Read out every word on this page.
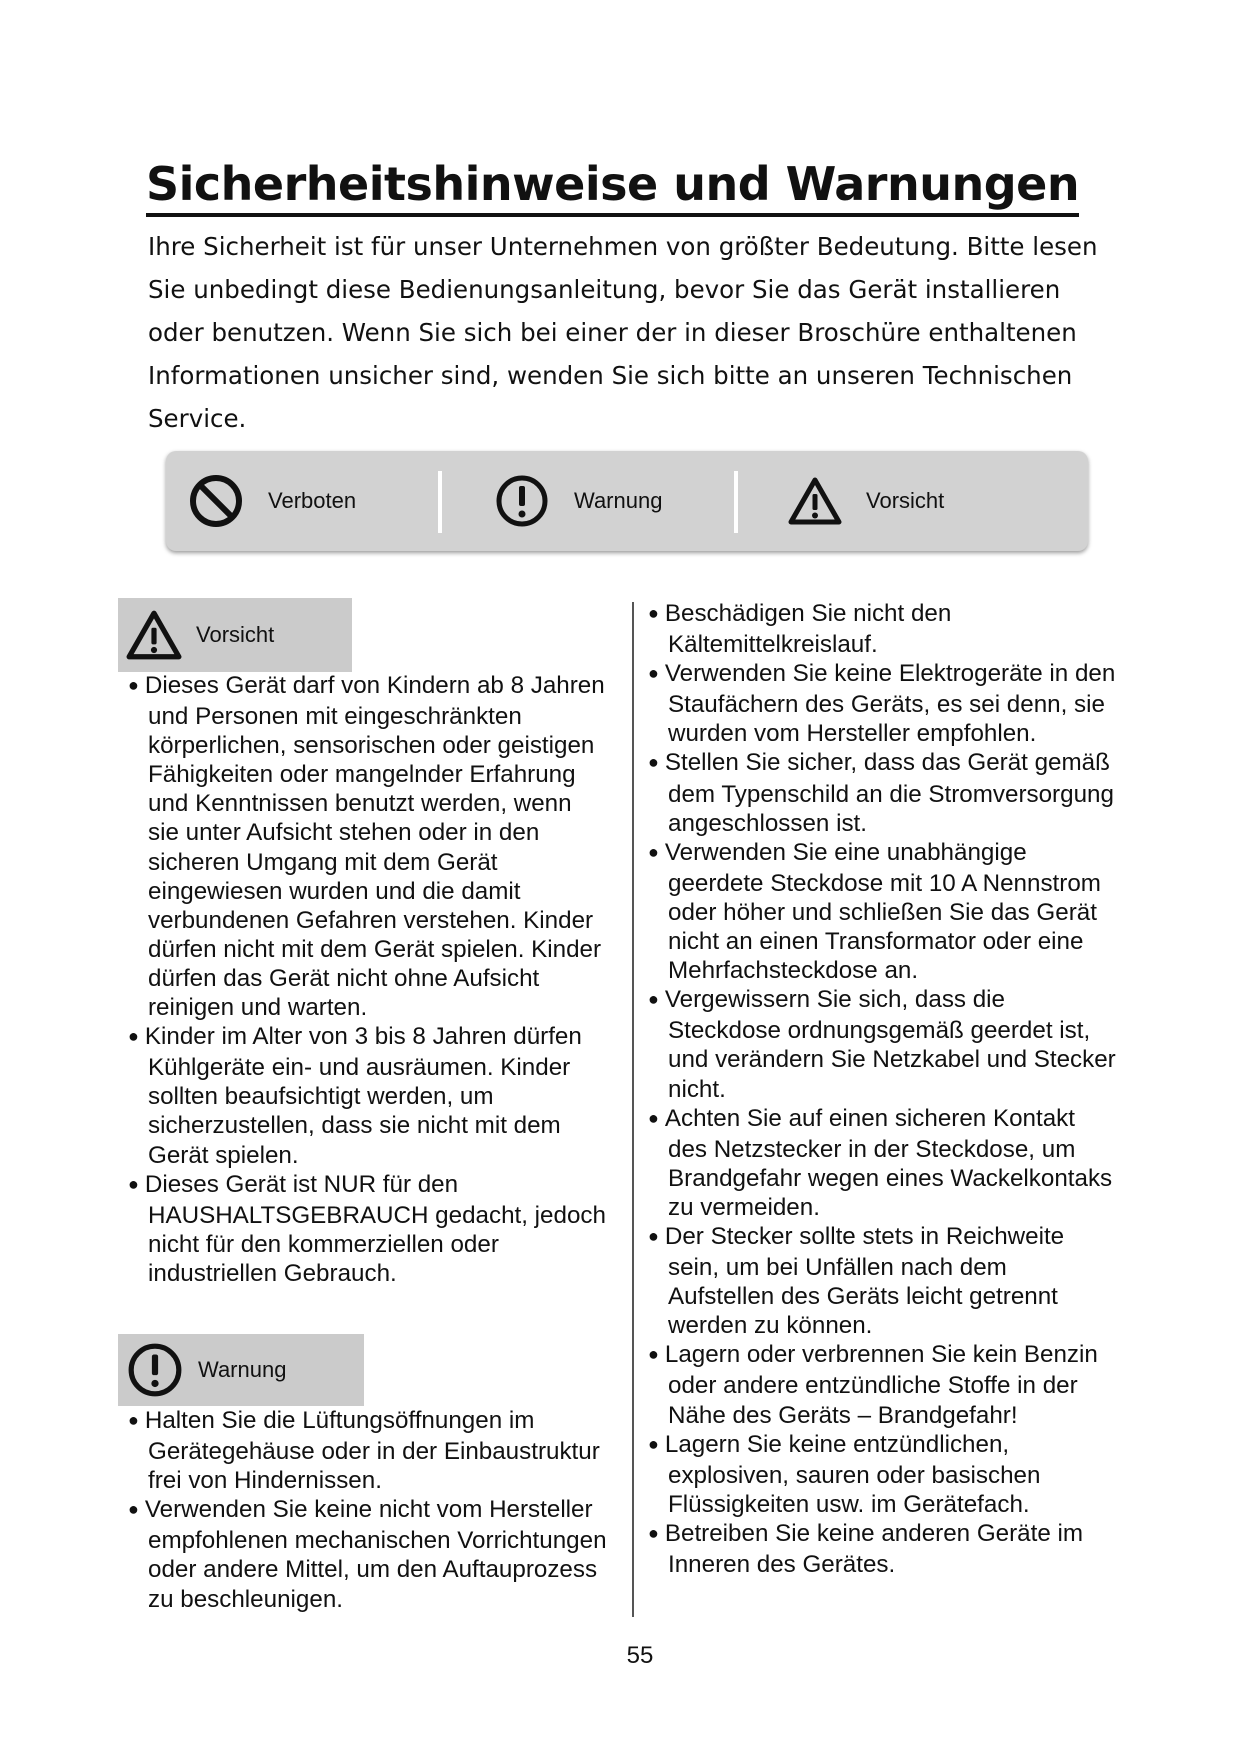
Sicherheitshinweise und Warnungen

Ihre Sicherheit ist für unser Unternehmen von größter Bedeutung. Bitte lesen Sie unbedingt diese Bedienungsanleitung, bevor Sie das Gerät installieren oder benutzen. Wenn Sie sich bei einer der in dieser Broschüre enthaltenen Informationen unsicher sind, wenden Sie sich bitte an unseren Technischen Service.

Verboten	Warnung	Vorsicht
Vorsicht
● Dieses Gerät darf von Kindern ab 8 Jahren und Personen mit eingeschränkten körperlichen, sensorischen oder geistigen Fähigkeiten oder mangelnder Erfahrung und Kenntnissen benutzt werden, wenn sie unter Aufsicht stehen oder in den sicheren Umgang mit dem Gerät eingewiesen wurden und die damit verbundenen Gefahren verstehen. Kinder dürfen nicht mit dem Gerät spielen. Kinder dürfen das Gerät nicht ohne Aufsicht reinigen und warten.
● Kinder im Alter von 3 bis 8 Jahren dürfen Kühlgeräte ein- und ausräumen. Kinder sollten beaufsichtigt werden, um sicherzustellen, dass sie nicht mit dem Gerät spielen.
● Dieses Gerät ist NUR für den HAUSHALTSGEBRAUCH gedacht, jedoch nicht für den kommerziellen oder industriellen Gebrauch.
Warnung
● Halten Sie die Lüftungsöffnungen im Gerätegehäuse oder in der Einbaustruktur frei von Hindernissen.
● Verwenden Sie keine nicht vom Hersteller empfohlenen mechanischen Vorrichtungen oder andere Mittel, um den Auftauprozess zu beschleunigen.
● Beschädigen Sie nicht den Kältemittelkreislauf.
● Verwenden Sie keine Elektrogeräte in den Staufächern des Geräts, es sei denn, sie wurden vom Hersteller empfohlen.
● Stellen Sie sicher, dass das Gerät gemäß dem Typenschild an die Stromversorgung angeschlossen ist.
● Verwenden Sie eine unabhängige geerdete Steckdose mit 10 A Nennstrom oder höher und schließen Sie das Gerät nicht an einen Transformator oder eine Mehrfachsteckdose an.
● Vergewissern Sie sich, dass die Steckdose ordnungsgemäß geerdet ist, und verändern Sie Netzkabel und Stecker nicht.
● Achten Sie auf einen sicheren Kontakt des Netzstecker in der Steckdose, um Brandgefahr wegen eines Wackelkontaks zu vermeiden.
● Der Stecker sollte stets in Reichweite sein, um bei Unfällen nach dem Aufstellen des Geräts leicht getrennt werden zu können.
● Lagern oder verbrennen Sie kein Benzin oder andere entzündliche Stoffe in der Nähe des Geräts – Brandgefahr!
● Lagern Sie keine entzündlichen, explosiven, sauren oder basischen Flüssigkeiten usw. im Gerätefach.
● Betreiben Sie keine anderen Geräte im Inneren des Gerätes.
55
